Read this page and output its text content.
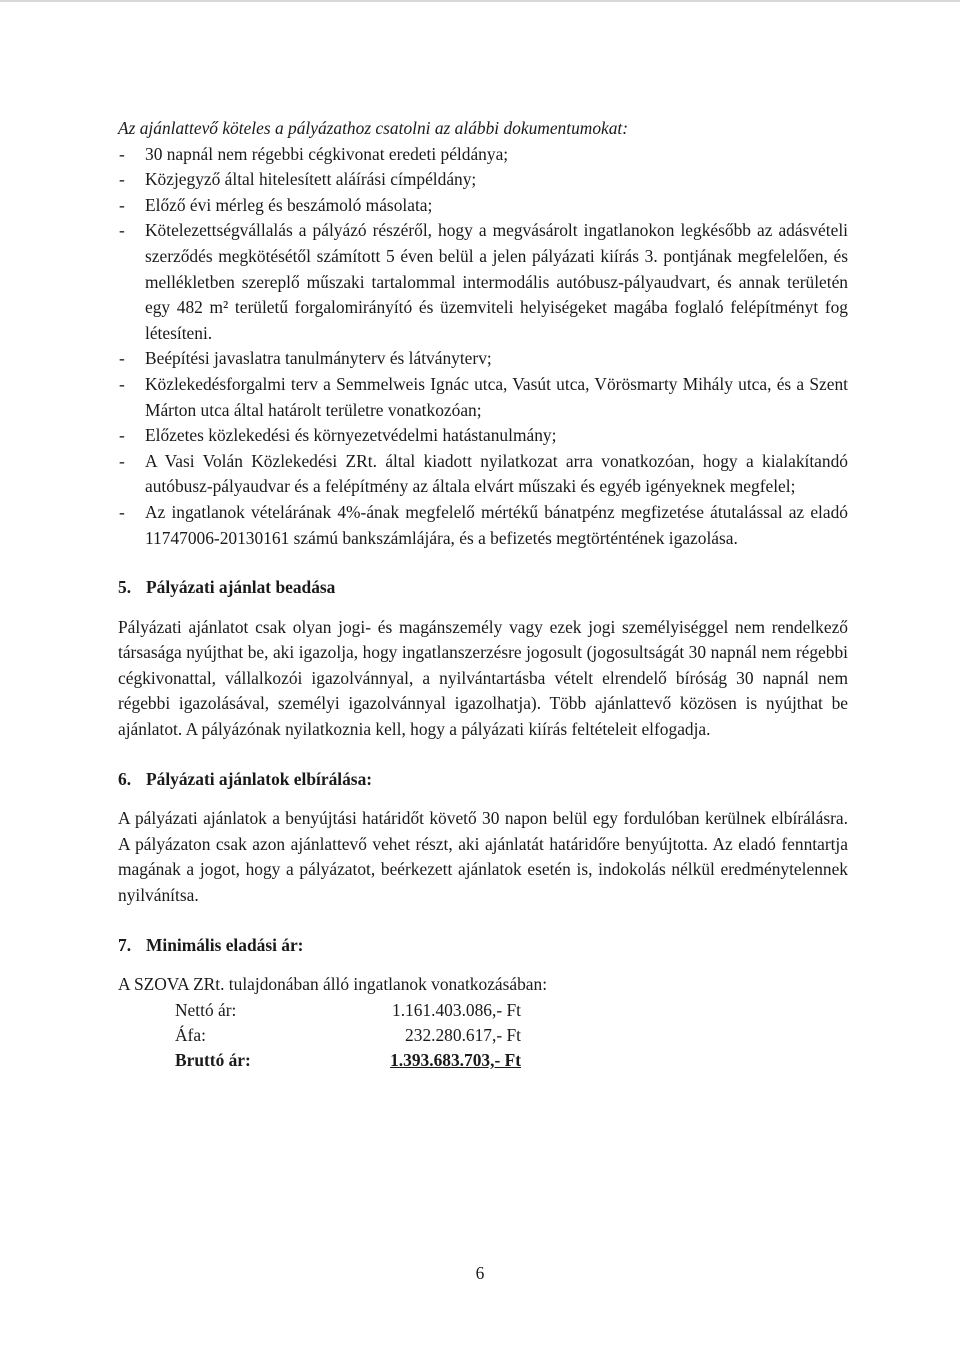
Az ajánlattevő köteles a pályázathoz csatolni az alábbi dokumentumokat:

- 30 napnál nem régebbi cégkivonat eredeti példánya;
- Közjegyző által hitelesített aláírási címpéldány;
- Előző évi mérleg és beszámoló másolata;
- Kötelezettségvállalás a pályázó részéről, hogy a megvásárolt ingatlanokon legkésőbb az adásvételi szerződés megkötésétől számított 5 éven belül a jelen pályázati kiírás 3. pontjának megfelelően, és mellékletben szereplő műszaki tartalommal intermodális autóbusz-pályaudvart, és annak területén egy 482 m² területű forgalomirányító és üzemviteli helyiségeket magába foglaló felépítményt fog létesíteni.
- Beépítési javaslatra tanulmányterv és látványterv;
- Közlekedésforgalmi terv a Semmelweis Ignác utca, Vasút utca, Vörösmarty Mihály utca, és a Szent Márton utca által határolt területre vonatkozóan;
- Előzetes közlekedési és környezetvédelmi hatástanulmány;
- A Vasi Volán Közlekedési ZRt. által kiadott nyilatkozat arra vonatkozóan, hogy a kialakítandó autóbusz-pályaudvar és a felépítmény az általa elvárt műszaki és egyéb igényeknek megfelel;
- Az ingatlanok vételárának 4%-ának megfelelő mértékű bánatpénz megfizetése átutalással az eladó 11747006-20130161 számú bankszámlájára, és a befizetés megtörténtének igazolása.
5. Pályázati ajánlat beadása

Pályázati ajánlatot csak olyan jogi- és magánszemély vagy ezek jogi személyiséggel nem rendelkező társasága nyújthat be, aki igazolja, hogy ingatlanszerzésre jogosult (jogosultságát 30 napnál nem régebbi cégkivonattal, vállalkozói igazolvánnyal, a nyilvántartásba vételt elrendelő bíróság 30 napnál nem régebbi igazolásával, személyi igazolvánnyal igazolhatja). Több ajánlattevő közösen is nyújthat be ajánlatot. A pályázónak nyilatkoznia kell, hogy a pályázati kiírás feltételeit elfogadja.

6. Pályázati ajánlatok elbírálása:

A pályázati ajánlatok a benyújtási határidőt követő 30 napon belül egy fordulóban kerülnek elbírálásra. A pályázaton csak azon ajánlattevő vehet részt, aki ajánlatát határidőre benyújtotta. Az eladó fenntartja magának a jogot, hogy a pályázatot, beérkezett ajánlatok esetén is, indokolás nélkül eredménytelennek nyilvánítsa.

7. Minimális eladási ár:

A SZOVA ZRt. tulajdonában álló ingatlanok vonatkozásában:

Nettó ár:	1.161.403.086,- Ft
Áfa:	232.280.617,- Ft
Bruttó ár:	1.393.683.703,- Ft
6
